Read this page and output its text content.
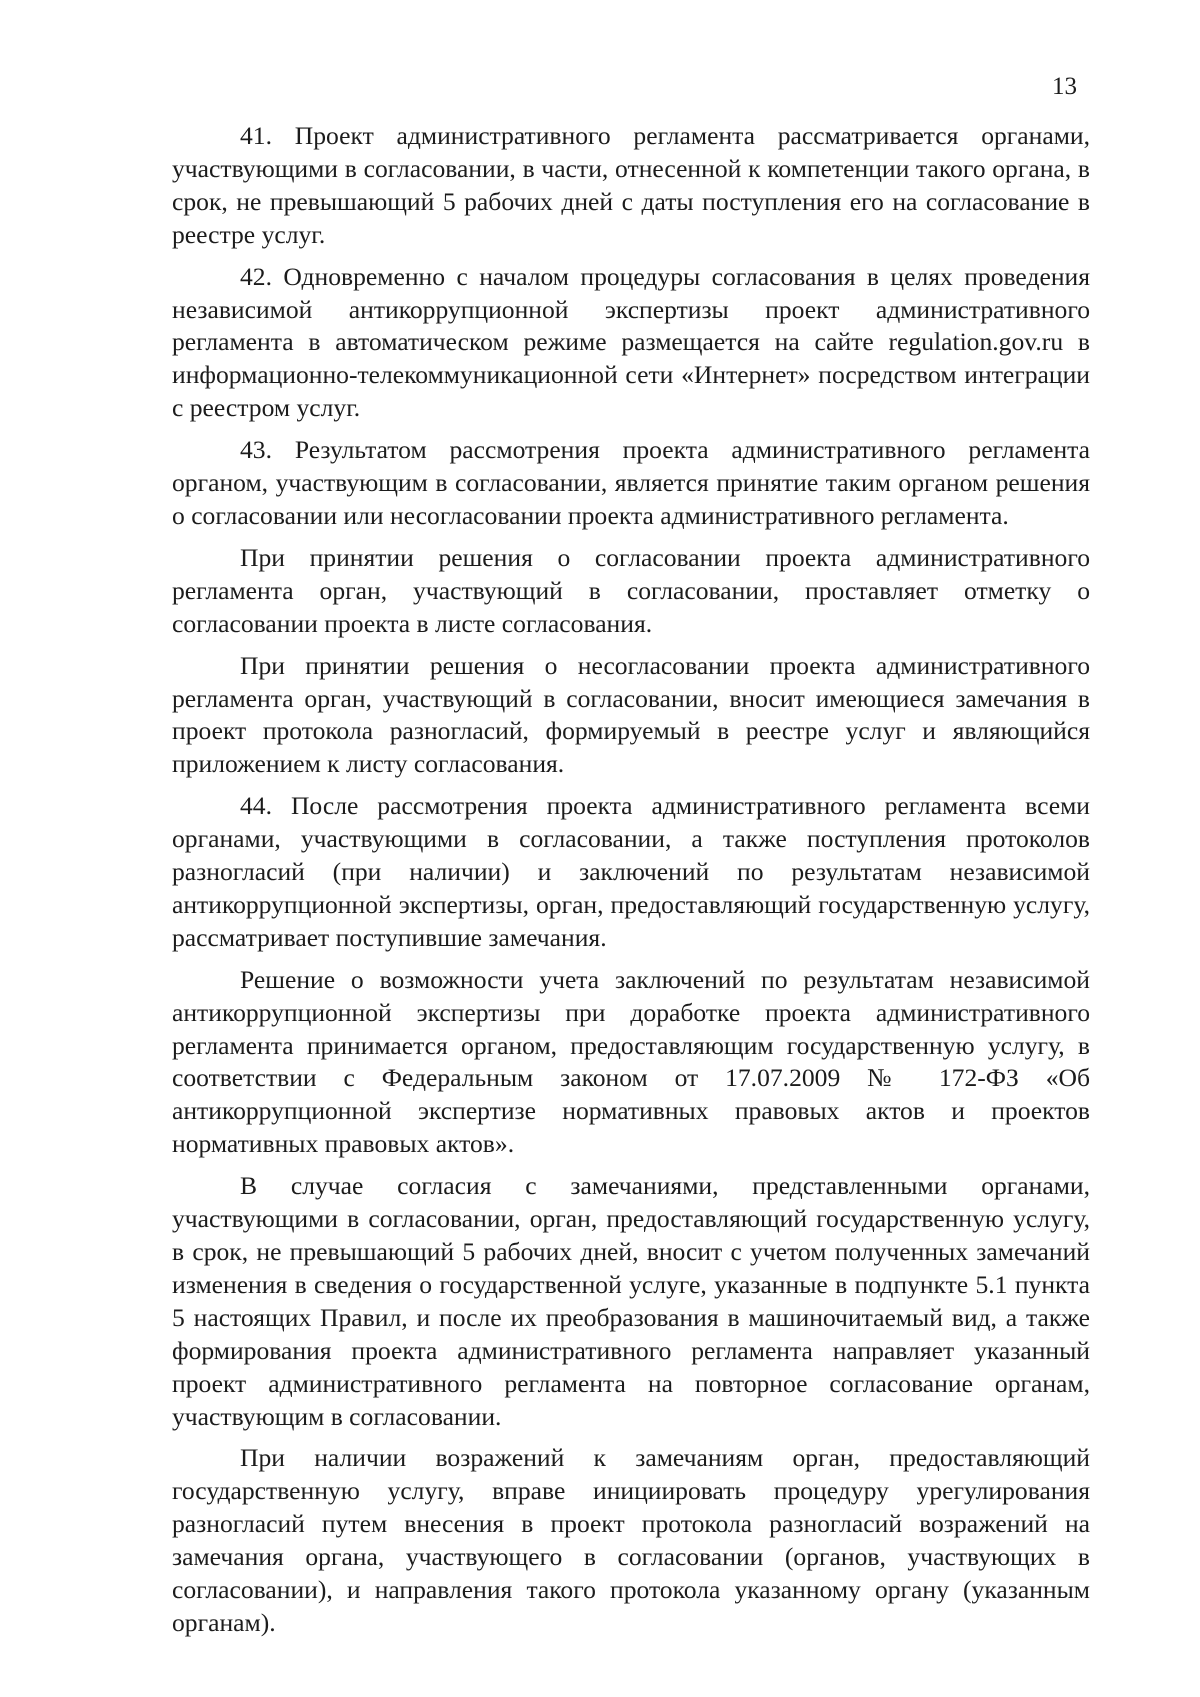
13

41. Проект административного регламента рассматривается органами, участвующими в согласовании, в части, отнесенной к компетенции такого органа, в срок, не превышающий 5 рабочих дней с даты поступления его на согласование в реестре услуг.

42. Одновременно с началом процедуры согласования в целях проведения независимой антикоррупционной экспертизы проект административного регламента в автоматическом режиме размещается на сайте regulation.gov.ru в информационно-телекоммуникационной сети «Интернет» посредством интеграции с реестром услуг.

43. Результатом рассмотрения проекта административного регламента органом, участвующим в согласовании, является принятие таким органом решения о согласовании или несогласовании проекта административного регламента.

При принятии решения о согласовании проекта административного регламента орган, участвующий в согласовании, проставляет отметку о согласовании проекта в листе согласования.

При принятии решения о несогласовании проекта административного регламента орган, участвующий в согласовании, вносит имеющиеся замечания в проект протокола разногласий, формируемый в реестре услуг и являющийся приложением к листу согласования.

44. После рассмотрения проекта административного регламента всеми органами, участвующими в согласовании, а также поступления протоколов разногласий (при наличии) и заключений по результатам независимой антикоррупционной экспертизы, орган, предоставляющий государственную услугу, рассматривает поступившие замечания.

Решение о возможности учета заключений по результатам независимой антикоррупционной экспертизы при доработке проекта административного регламента принимается органом, предоставляющим государственную услугу, в соответствии с Федеральным законом от 17.07.2009 № 172-ФЗ «Об антикоррупционной экспертизе нормативных правовых актов и проектов нормативных правовых актов».

В случае согласия с замечаниями, представленными органами, участвующими в согласовании, орган, предоставляющий государственную услугу, в срок, не превышающий 5 рабочих дней, вносит с учетом полученных замечаний изменения в сведения о государственной услуге, указанные в подпункте 5.1 пункта 5 настоящих Правил, и после их преобразования в машиночитаемый вид, а также формирования проекта административного регламента направляет указанный проект административного регламента на повторное согласование органам, участвующим в согласовании.

При наличии возражений к замечаниям орган, предоставляющий государственную услугу, вправе инициировать процедуру урегулирования разногласий путем внесения в проект протокола разногласий возражений на замечания органа, участвующего в согласовании (органов, участвующих в согласовании), и направления такого протокола указанному органу (указанным органам).
